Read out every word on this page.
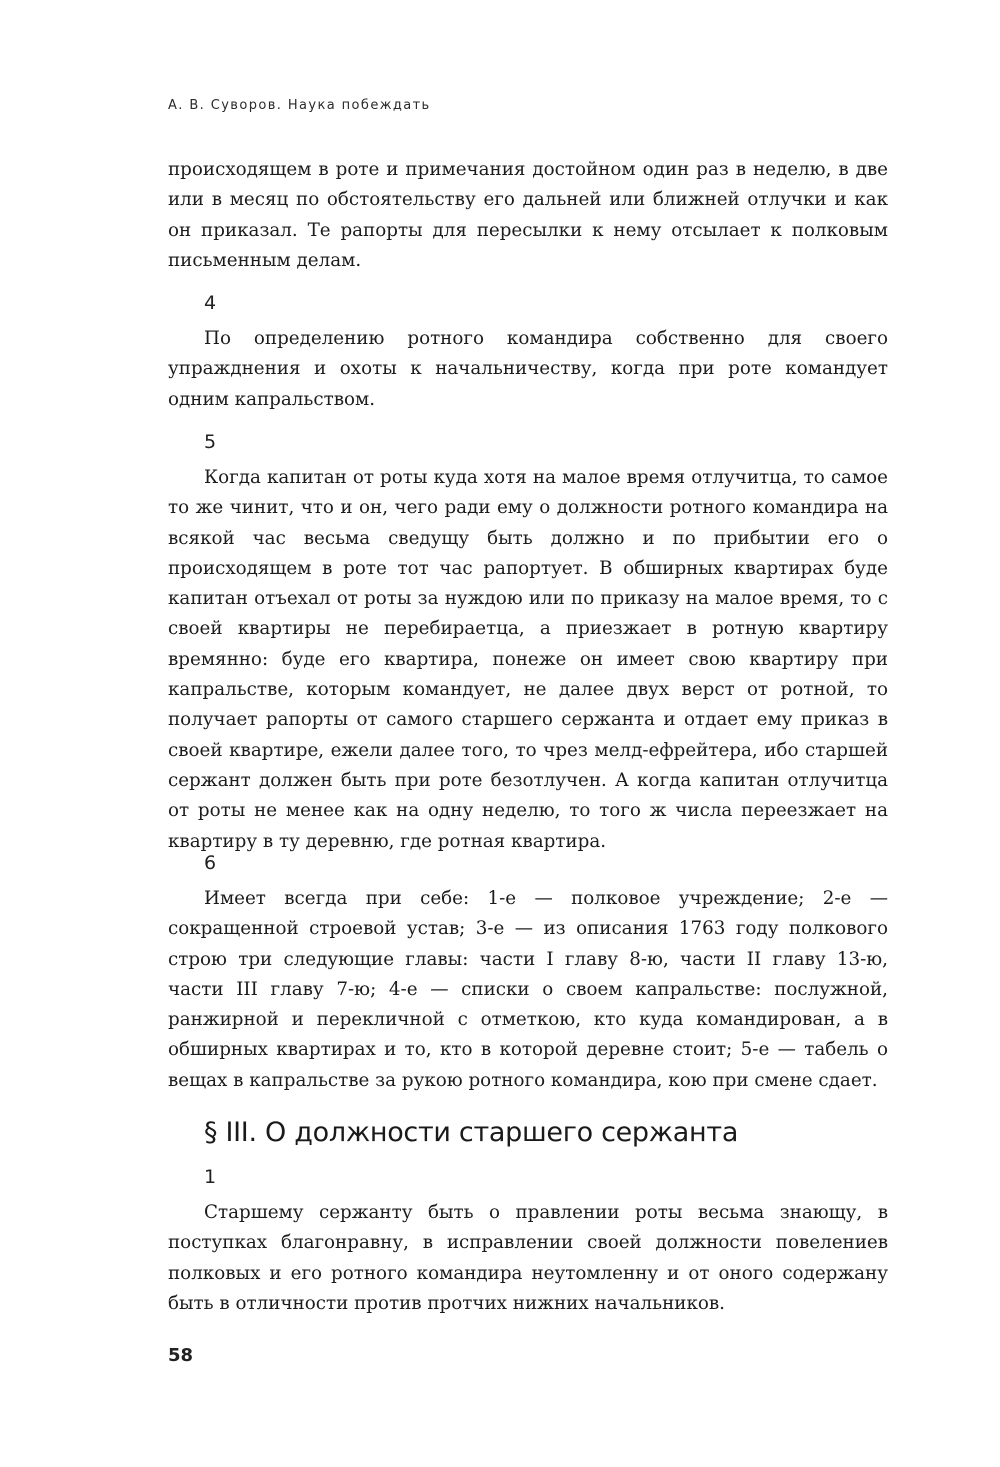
А. В. Суворов. Наука побеждать

происходящем в роте и примечания достойном один раз в неделю, в две или в месяц по обстоятельству его дальней или ближней отлучки и как он приказал. Те рапорты для пересылки к нему отсылает к полковым письменным делам.

4

По определению ротного командира собственно для своего упражднения и охоты к начальничеству, когда при роте командует одним капральством.

5

Когда капитан от роты куда хотя на малое время отлучитца, то самое то же чинит, что и он, чего ради ему о должности ротного командира на всякой час весьма сведущу быть должно и по прибытии его о происходящем в роте тот час рапортует. В обширных квартирах буде капитан отъехал от роты за нуждою или по приказу на малое время, то с своей квартиры не перебираетца, а приезжает в ротную квартиру времянно: буде его квартира, понеже он имеет свою квартиру при капральстве, которым командует, не далее двух верст от ротной, то получает рапорты от самого старшего сержанта и отдает ему приказ в своей квартире, ежели далее того, то чрез мелд-ефрейтера, ибо старшей сержант должен быть при роте безотлучен. А когда капитан отлучитца от роты не менее как на одну неделю, то того ж числа переезжает на квартиру в ту деревню, где ротная квартира.

6

Имеет всегда при себе: 1-е — полковое учреждение; 2-е — сокращенной строевой устав; 3-е — из описания 1763 году полкового строю три следующие главы: части I главу 8-ю, части II главу 13-ю, части III главу 7-ю; 4-е — списки о своем капральстве: послужной, ранжирной и перекличной с отметкою, кто куда командирован, а в обширных квартирах и то, кто в которой деревне стоит; 5-е — табель о вещах в капральстве за рукою ротного командира, кою при смене сдает.

§ III. О должности старшего сержанта
1

Старшему сержанту быть о правлении роты весьма знающу, в поступках благонравну, в исправлении своей должности повелениев полковых и его ротного командира неутомленну и от оного содержану быть в отличности против протчих нижних начальников.

58
